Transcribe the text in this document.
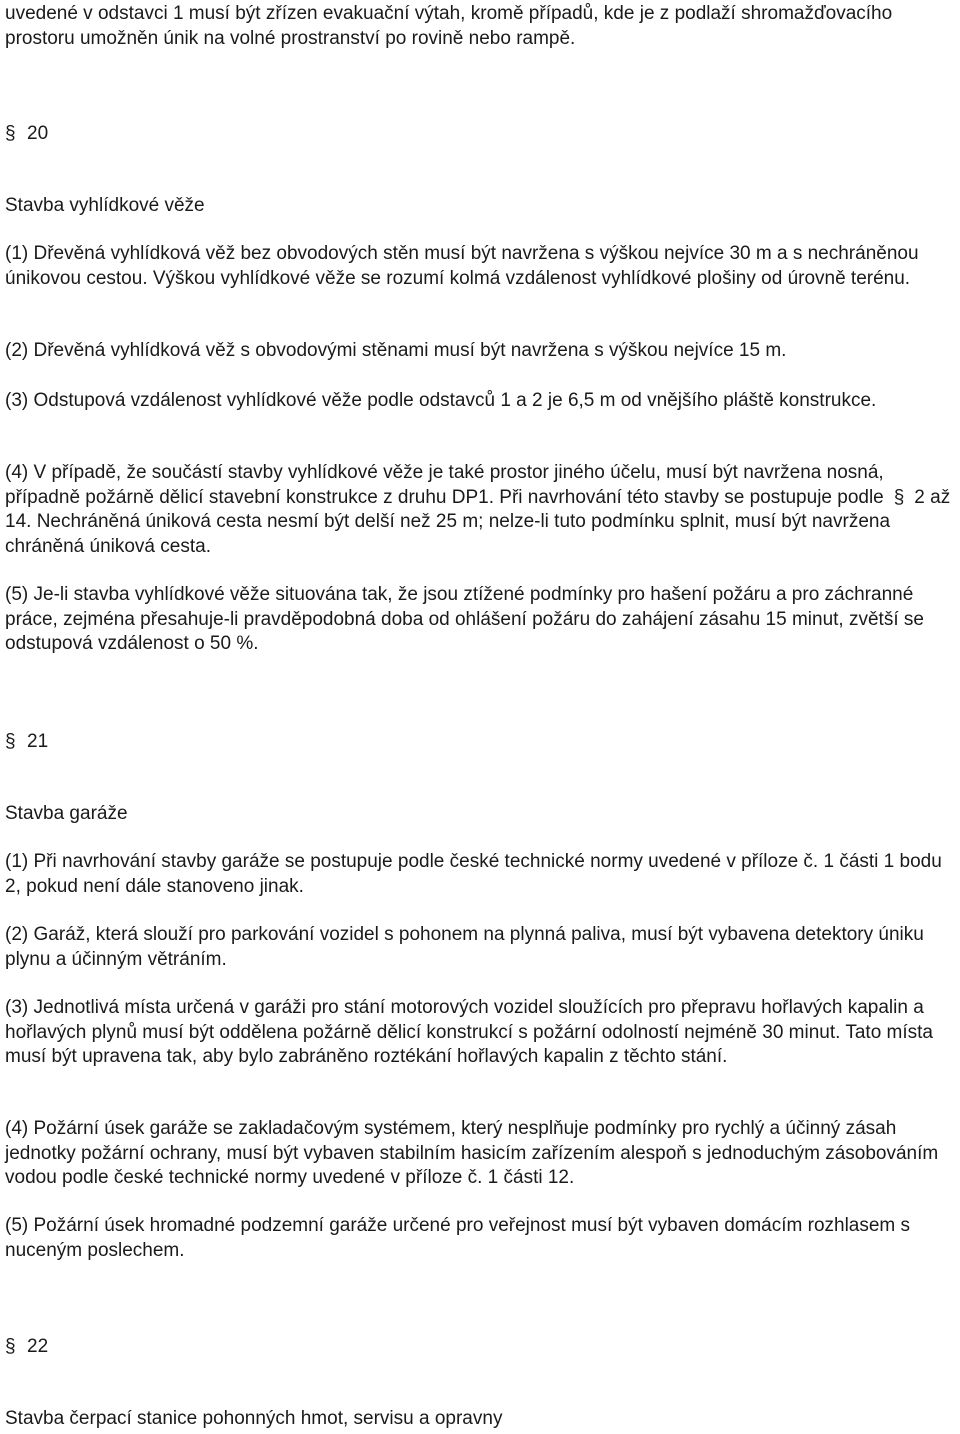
uvedené v odstavci 1 musí být zřízen evakuační výtah, kromě případů, kde je z podlaží shromažďovacího prostoru umožněn únik na volné prostranství po rovině nebo rampě.

§ 20

Stavba vyhlídkové věže

(1) Dřevěná vyhlídková věž bez obvodových stěn musí být navržena s výškou nejvíce 30 m a s nechráněnou únikovou cestou. Výškou vyhlídkové věže se rozumí kolmá vzdálenost vyhlídkové plošiny od úrovně terénu.

(2) Dřevěná vyhlídková věž s obvodovými stěnami musí být navržena s výškou nejvíce 15 m.

(3) Odstupová vzdálenost vyhlídkové věže podle odstavců 1 a 2 je 6,5 m od vnějšího pláště konstrukce.

(4) V případě, že součástí stavby vyhlídkové věže je také prostor jiného účelu, musí být navržena nosná, případně požárně dělicí stavební konstrukce z druhu DP1. Při navrhování této stavby se postupuje podle § 2 až 14. Nechráněná úniková cesta nesmí být delší než 25 m; nelze-li tuto podmínku splnit, musí být navržena chráněná úniková cesta.

(5) Je-li stavba vyhlídkové věže situována tak, že jsou ztížené podmínky pro hašení požáru a pro záchranné práce, zejména přesahuje-li pravděpodobná doba od ohlášení požáru do zahájení zásahu 15 minut, zvětší se odstupová vzdálenost o 50 %.

§ 21

Stavba garáže

(1) Při navrhování stavby garáže se postupuje podle české technické normy uvedené v příloze č. 1 části 1 bodu 2, pokud není dále stanoveno jinak.

(2) Garáž, která slouží pro parkování vozidel s pohonem na plynná paliva, musí být vybavena detektory úniku plynu a účinným větráním.

(3) Jednotlivá místa určená v garáži pro stání motorových vozidel sloužících pro přepravu hořlavých kapalin a hořlavých plynů musí být oddělena požárně dělicí konstrukcí s požární odolností nejméně 30 minut. Tato místa musí být upravena tak, aby bylo zabráněno roztékání hořlavých kapalin z těchto stání.

(4) Požární úsek garáže se zakladačovým systémem, který nesplňuje podmínky pro rychlý a účinný zásah jednotky požární ochrany, musí být vybaven stabilním hasicím zařízením alespoň s jednoduchým zásobováním vodou podle české technické normy uvedené v příloze č. 1 části 12.

(5) Požární úsek hromadné podzemní garáže určené pro veřejnost musí být vybaven domácím rozhlasem s nuceným poslechem.

§ 22

Stavba čerpací stanice pohonných hmot, servisu a opravny
